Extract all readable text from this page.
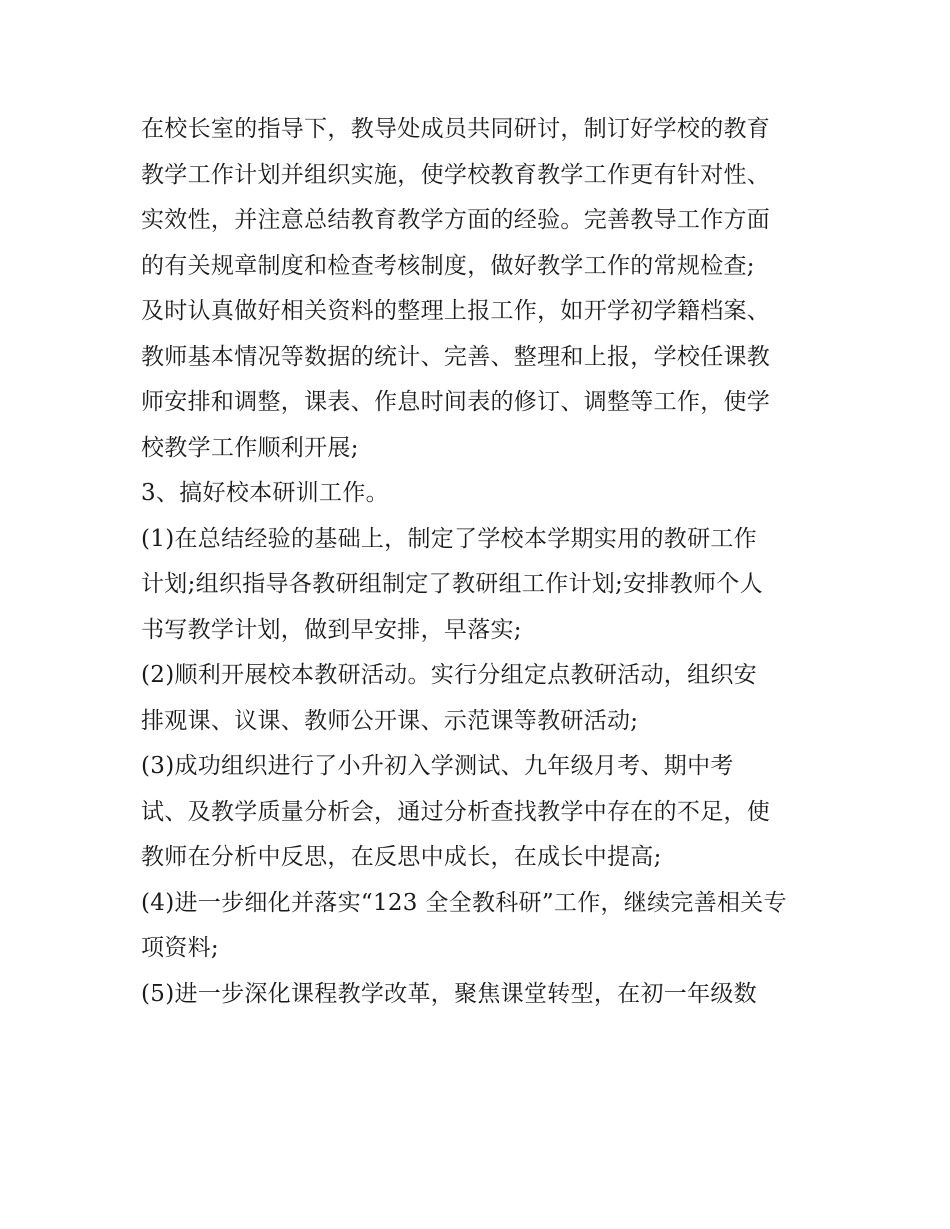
在校长室的指导下，教导处成员共同研讨，制订好学校的教育
教学工作计划并组织实施，使学校教育教学工作更有针对性、
实效性，并注意总结教育教学方面的经验。完善教导工作方面
的有关规章制度和检查考核制度，做好教学工作的常规检查;
及时认真做好相关资料的整理上报工作，如开学初学籍档案、
教师基本情况等数据的统计、完善、整理和上报，学校任课教
师安排和调整，课表、作息时间表的修订、调整等工作，使学
校教学工作顺利开展;
3、搞好校本研训工作。
(1)在总结经验的基础上，制定了学校本学期实用的教研工作
计划;组织指导各教研组制定了教研组工作计划;安排教师个人
书写教学计划，做到早安排，早落实;
(2)顺利开展校本教研活动。实行分组定点教研活动，组织安
排观课、议课、教师公开课、示范课等教研活动;
(3)成功组织进行了小升初入学测试、九年级月考、期中考
试、及教学质量分析会，通过分析查找教学中存在的不足，使
教师在分析中反思，在反思中成长，在成长中提高;
(4)进一步细化并落实“123 全全教科研”工作，继续完善相关专
项资料;
(5)进一步深化课程教学改革，聚焦课堂转型，在初一年级数
